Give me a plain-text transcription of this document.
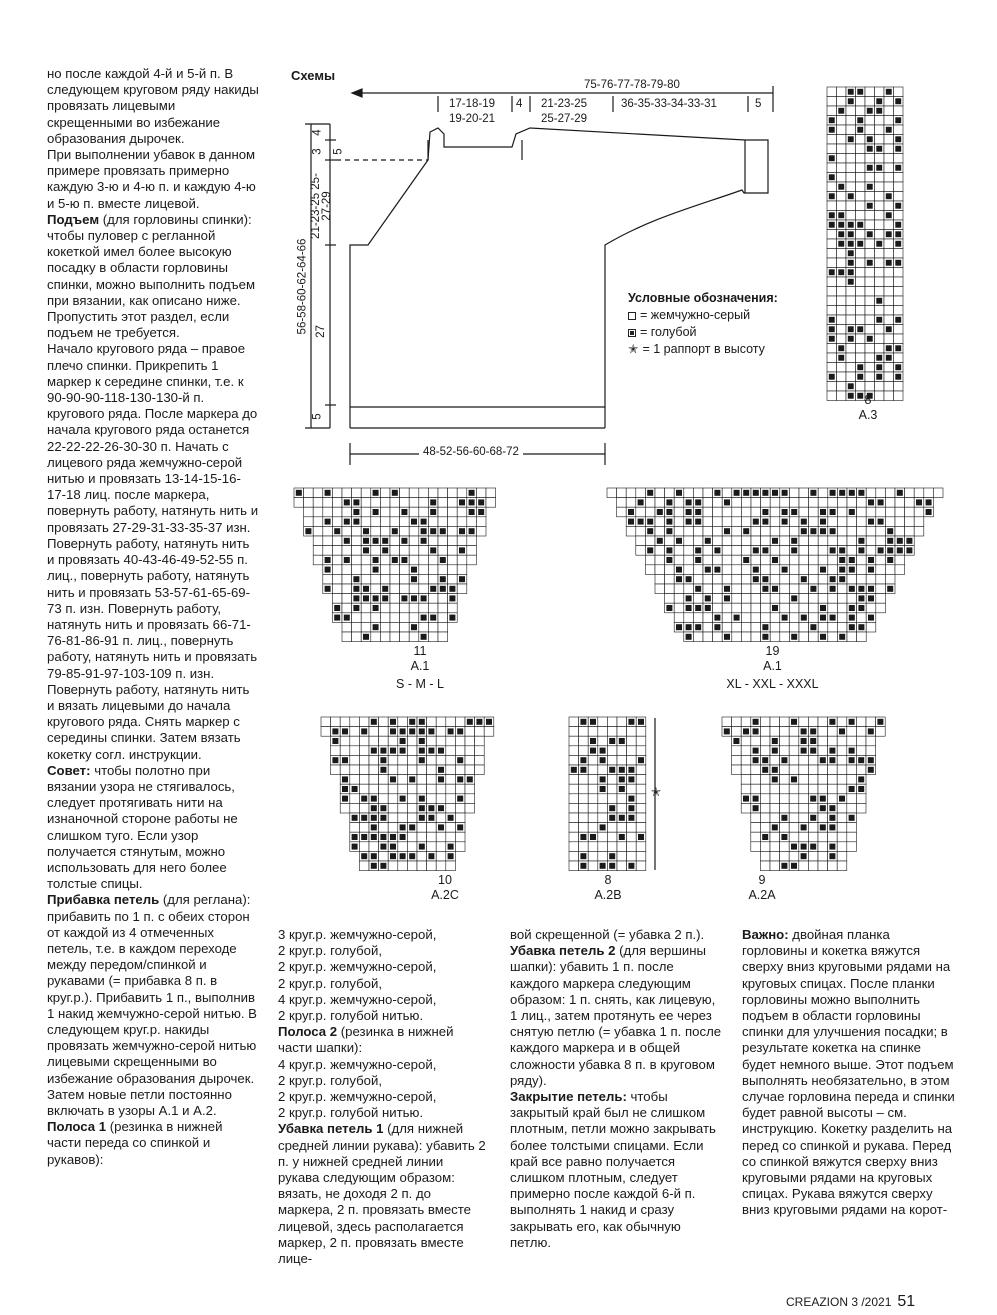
но после каждой 4-й и 5-й п. В следующем круговом ряду накиды провязать лицевыми скрещенными во избежание образования дырочек.

При выполнении убавок в данном примере провязать примерно каждую 3-ю и 4-ю п. и каждую 4-ю и 5-ю п. вместе лицевой.

Подъем (для горловины спинки): чтобы пуловер с регланной кокеткой имел более высокую посадку в области горловины спинки, можно выполнить подъем при вязании, как описано ниже. Пропустить этот раздел, если подъем не требуется.

Начало кругового ряда – правое плечо спинки. Прикрепить 1 маркер к середине спинки, т.е. к 90-90-90-118-130-130-й п. кругового ряда. После маркера до начала кругового ряда останется 22-22-22-26-30-30 п. Начать с лицевого ряда жемчужно-серой нитью и провязать 13-14-15-16-17-18 лиц. после маркера, повернуть работу, натянуть нить и провязать 27-29-31-33-35-37 изн. Повернуть работу, натянуть нить и провязать 40-43-46-49-52-55 п. лиц., повернуть работу, натянуть нить и провязать 53-57-61-65-69-73 п. изн. Повернуть работу, натянуть нить и провязать 66-71-76-81-86-91 п. лиц., повернуть работу, натянуть нить и провязать 79-85-91-97-103-109 п. изн. Повернуть работу, натянуть нить и вязать лицевыми до начала кругового ряда. Снять маркер с середины спинки. Затем вязать кокетку согл. инструкции.

Совет: чтобы полотно при вязании узора не стягивалось, следует протягивать нити на изнаночной стороне работы не слишком туго. Если узор получается стянутым, можно использовать для него более толстые спицы.

Прибавка петель (для реглана): прибавить по 1 п. с обеих сторон от каждой из 4 отмеченных петель, т.е. в каждом переходе между передом/спинкой и рукавами (= прибавка 8 п. в круг.р.). Прибавить 1 п., выполнив 1 накид жемчужно-серой нитью. В следующем круг.р. накиды провязать жемчужно-серой нитью лицевыми скрещенными во избежание образования дырочек. Затем новые петли постоянно включать в узоры A.1 и A.2.

Полоса 1 (резинка в нижней части переда со спинкой и рукавов):

3 круг.р. жемчужно-серой,

2 круг.р. голубой,

2 круг.р. жемчужно-серой,

2 круг.р. голубой,

4 круг.р. жемчужно-серой,

2 круг.р. голубой нитью.

Полоса 2 (резинка в нижней части шапки):

4 круг.р. жемчужно-серой,

2 круг.р. голубой,

2 круг.р. жемчужно-серой,

2 круг.р. голубой нитью.

Убавка петель 1 (для нижней средней линии рукава): убавить 2 п. у нижней средней линии рукава следующим образом: вязать, не доходя 2 п. до маркера, 2 п. провязать вместе лицевой, здесь располагается маркер, 2 п. провязать вместе лице-

вой скрещенной (= убавка 2 п.).

Убавка петель 2 (для вершины шапки): убавить 1 п. после каждого маркера следующим образом: 1 п. снять, как лицевую, 1 лиц., затем протянуть ее через снятую петлю (= убавка 1 п. после каждого маркера и в общей сложности убавка 8 п. в круговом ряду).

Закрытие петель: чтобы закрытый край был не слишком плотным, петли можно закрывать более толстыми спицами. Если край все равно получается слишком плотным, следует примерно после каждой 6-й п. выполнять 1 накид и сразу закрывать его, как обычную петлю.

Важно: двойная планка горловины и кокетка вяжутся сверху вниз круговыми рядами на круговых спицах. После планки горловины можно выполнить подъем в области горловины спинки для улучшения посадки; в результате кокетка на спинке будет немного выше. Этот подъем выполнять необязательно, в этом случае горловина переда и спинки будет равной высоты – см. инструкцию. Кокетку разделить на перед со спинкой и рукава. Перед со спинкой вяжутся сверху вниз круговыми рядами на круговых спицах. Рукава вяжутся сверху вниз круговыми рядами на корот-

Схемы
75-76-77-78-79-80
17-18-19
19-20-21
4 21-23-25
25-27-29
36-35-33-34-33-31	5
56-58-60-62-64-66
4
3 5
21-23-25 25-27-29
27
5
48-52-56-60-68-72
Условные обозначения:
= жемчужно-серый
= голубой
✭ = 1 раппорт в высоту
8
A.3
11
A.1
S - M - L
19
A.1
XL - XXL - XXXL
10
A.2C
8
A.2B
✭
9
A.2A
CREAZION 3 /2021 51
